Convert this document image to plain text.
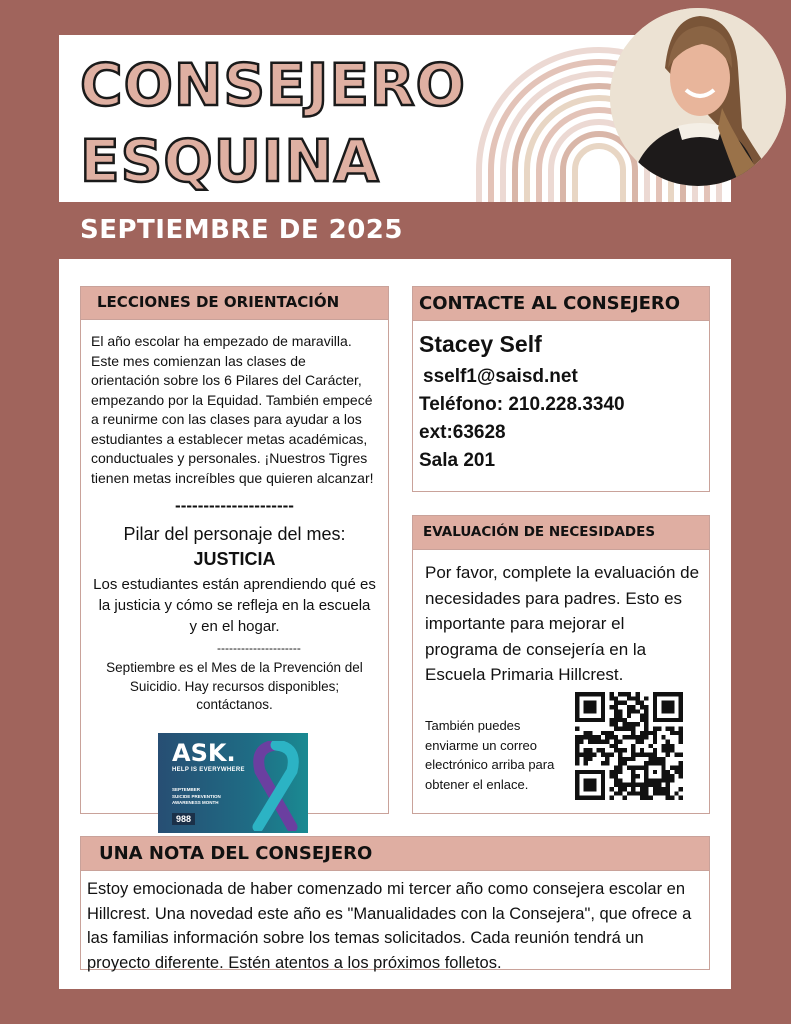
CONSEJERO
ESQUINA
SEPTIEMBRE DE 2025
LECCIONES DE ORIENTACIÓN

El año escolar ha empezado de maravilla. Este mes comienzan las clases de orientación sobre los 6 Pilares del Carácter, empezando por la Equidad. También empecé a reunirme con las clases para ayudar a los estudiantes a establecer metas académicas, conductuales y personales. ¡Nuestros Tigres tienen metas increíbles que quieren alcanzar!

---------------------
Pilar del personaje del mes:
JUSTICIA
Los estudiantes están aprendiendo qué es la justicia y cómo se refleja en la escuela y en el hogar.
---------------------
Septiembre es el Mes de la Prevención del Suicidio. Hay recursos disponibles; contáctanos.
ASK.
HELP IS EVERYWHERE
SEPTEMBER
SUICIDE PREVENTION
AWARENESS MONTH
988
CONTACTE AL CONSEJERO
Stacey Self
sself1@saisd.net
Teléfono: 210.228.3340
ext:63628
Sala 201
EVALUACIÓN DE NECESIDADES

Por favor, complete la evaluación de necesidades para padres. Esto es importante para mejorar el programa de consejería en la Escuela Primaria Hillcrest.

También puedes enviarme un correo electrónico arriba para obtener el enlace.
UNA NOTA DEL CONSEJERO

Estoy emocionada de haber comenzado mi tercer año como consejera escolar en Hillcrest. Una novedad este año es "Manualidades con la Consejera", que ofrece a las familias información sobre los temas solicitados. Cada reunión tendrá un proyecto diferente. Estén atentos a los próximos folletos.
